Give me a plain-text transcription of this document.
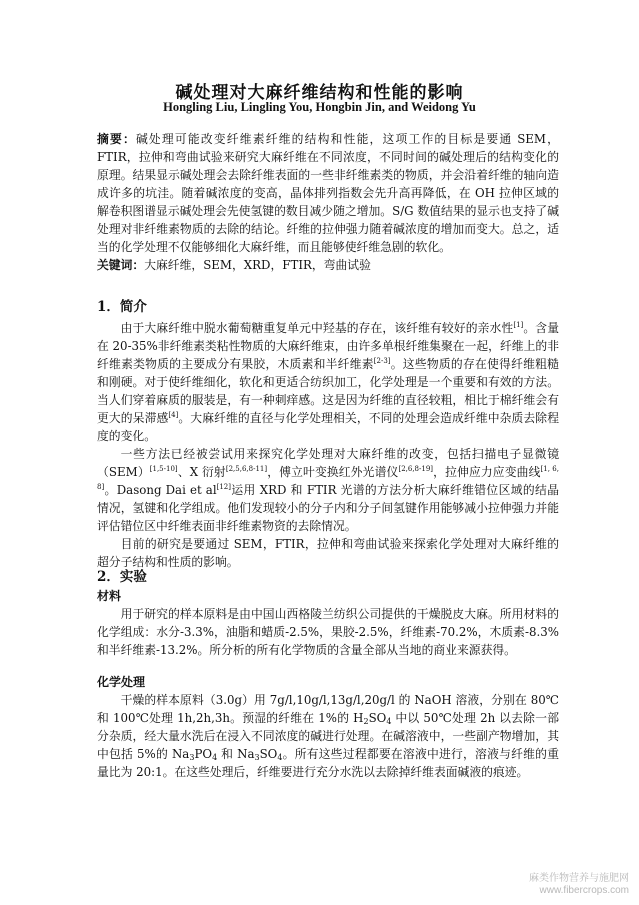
碱处理对大麻纤维结构和性能的影响
Hongling Liu, Lingling You, Hongbin Jin, and Weidong Yu

摘要：碱处理可能改变纤维素纤维的结构和性能，这项工作的目标是要通 SEM，FTIR，拉伸和弯曲试验来研究大麻纤维在不同浓度，不同时间的碱处理后的结构变化的原理。结果显示碱处理会去除纤维表面的一些非纤维素类的物质，并会沿着纤维的轴向造成许多的坑洼。随着碱浓度的变高，晶体排列指数会先升高再降低，在 OH 拉伸区域的解卷积图谱显示碱处理会先使氢键的数目减少随之增加。S/G 数值结果的显示也支持了碱处理对非纤维素物质的去除的结论。纤维的拉伸强力随着碱浓度的增加而变大。总之，适当的化学处理不仅能够细化大麻纤维，而且能够使纤维急剧的软化。

关键词：大麻纤维，SEM，XRD，FTIR，弯曲试验

1．简介

由于大麻纤维中脱水葡萄糖重复单元中羟基的存在，该纤维有较好的亲水性[1]。含量在 20-35%非纤维素类粘性物质的大麻纤维束，由许多单根纤维集聚在一起，纤维上的非纤维素类物质的主要成分有果胶，木质素和半纤维素[2-3]。这些物质的存在使得纤维粗糙和刚硬。对于使纤维细化，软化和更适合纺织加工，化学处理是一个重要和有效的方法。当人们穿着麻质的服装是，有一种刺痒感。这是因为纤维的直径较粗，相比于棉纤维会有更大的呆滞感[4]。大麻纤维的直径与化学处理相关，不同的处理会造成纤维中杂质去除程度的变化。

一些方法已经被尝试用来探究化学处理对大麻纤维的改变，包括扫描电子显微镜（SEM）[1,5-10]、X 衍射[2,5,6,8-11]，傅立叶变换红外光谱仪[2,6,8-19]，拉伸应力应变曲线[1, 6, 8]。Dasong Dai et al[12]运用 XRD 和 FTIR 光谱的方法分析大麻纤维错位区域的结晶情况，氢键和化学组成。他们发现较小的分子内和分子间氢键作用能够减小拉伸强力并能评估错位区中纤维表面非纤维素物资的去除情况。

目前的研究是要通过 SEM，FTIR，拉伸和弯曲试验来探索化学处理对大麻纤维的超分子结构和性质的影响。

2．实验

材料

用于研究的样本原料是由中国山西格陵兰纺织公司提供的干燥脱皮大麻。所用材料的化学组成：水分-3.3%，油脂和蜡质-2.5%，果胶-2.5%，纤维素-70.2%，木质素-8.3%和半纤维素-13.2%。所分析的所有化学物质的含量全部从当地的商业来源获得。

化学处理

干燥的样本原料（3.0g）用 7g/l,10g/l,13g/l,20g/l 的 NaOH 溶液，分别在 80℃和 100℃处理 1h,2h,3h。预湿的纤维在 1%的 $H_2SO_4$ 中以 50℃处理 2h 以去除一部分杂质，经大量水洗后在浸入不同浓度的碱进行处理。在碱溶液中，一些副产物增加，其中包括 5%的 $Na_3PO_4$ 和 $Na_3SO_4$。所有这些过程都要在溶液中进行，溶液与纤维的重量比为 20:1。在这些处理后，纤维要进行充分水洗以去除掉纤维表面碱液的痕迹。

麻类作物营养与施肥网
www.fibercrops.com
